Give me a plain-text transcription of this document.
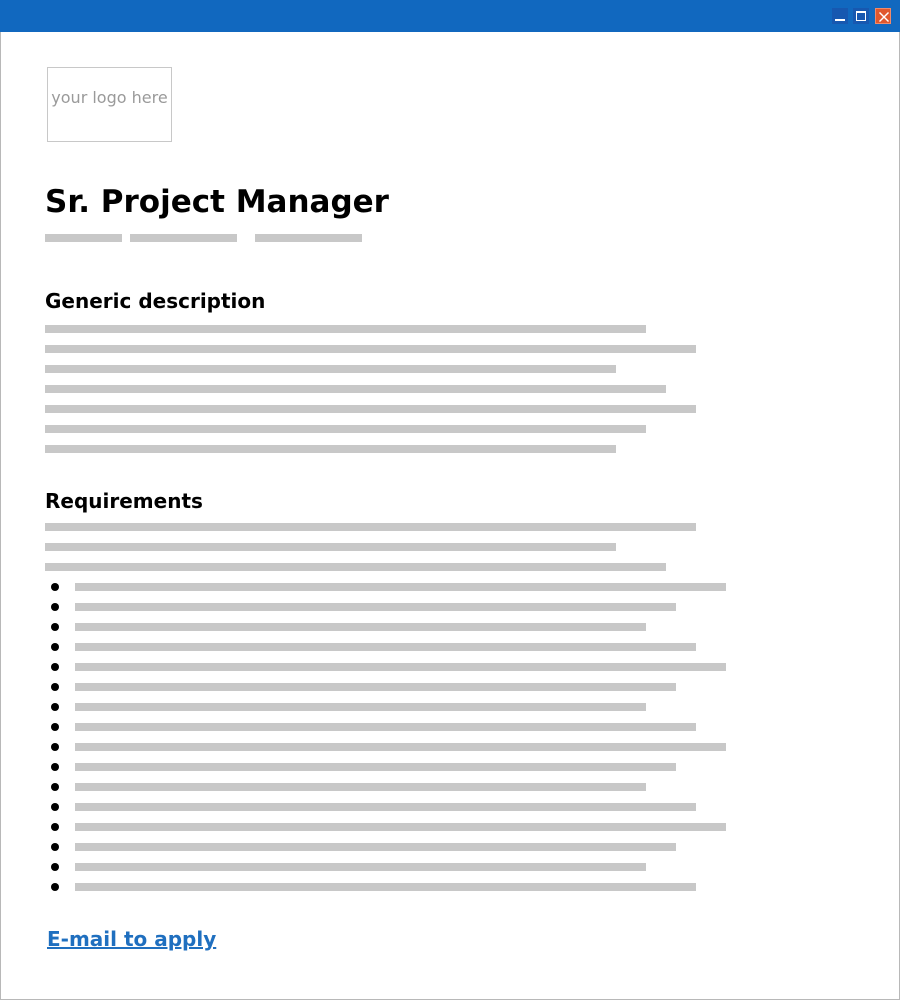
your logo here
Sr. Project Manager
Generic description
Requirements
E-mail to apply
